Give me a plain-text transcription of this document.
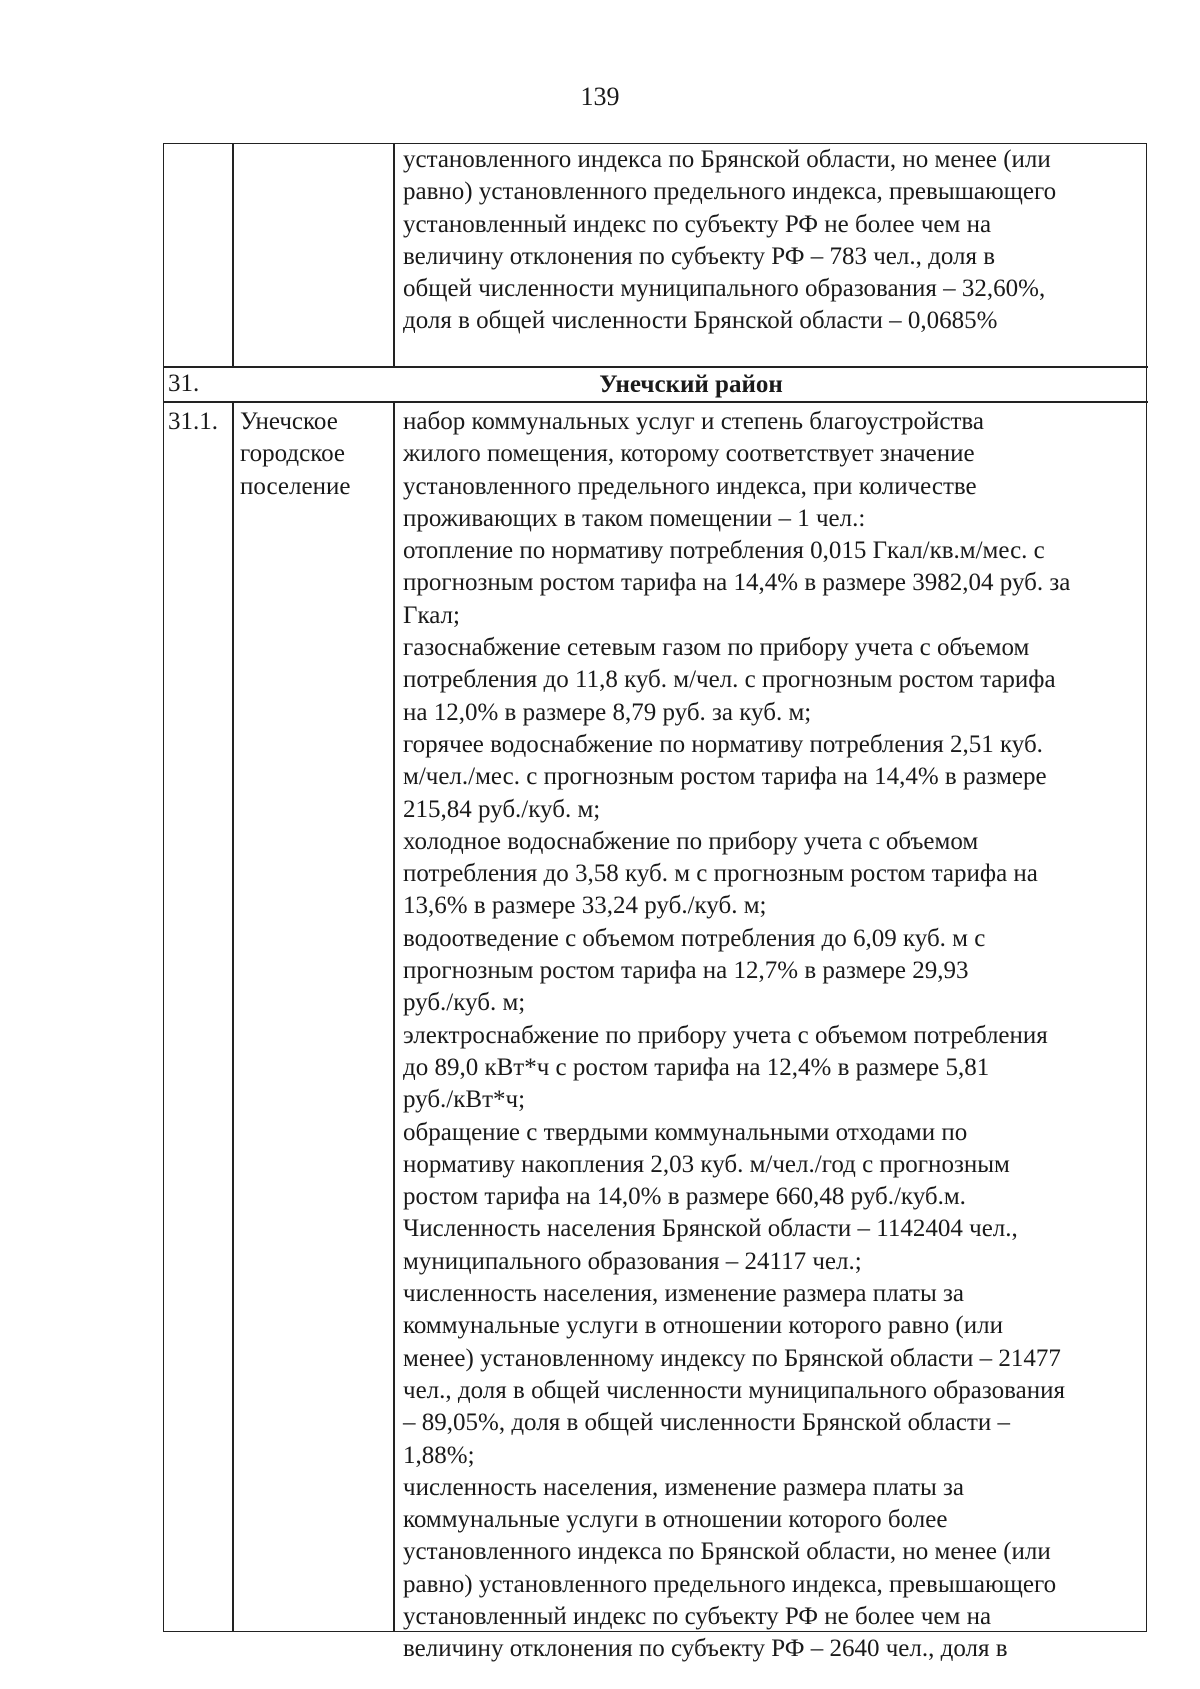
139
установленного индекса по Брянской области, но менее (или
равно) установленного предельного индекса, превышающего
установленный индекс по субъекту РФ не более чем на
величину отклонения по субъекту РФ – 783 чел., доля в
общей численности муниципального образования – 32,60%,
доля в общей численности Брянской области – 0,0685%
31.	Унечский район
31.1. Унечское
городское
поселение
набор коммунальных услуг и степень благоустройства
жилого помещения, которому соответствует значение
установленного предельного индекса, при количестве
проживающих в таком помещении – 1 чел.:
отопление по нормативу потребления 0,015 Гкал/кв.м/мес. с
прогнозным ростом тарифа на 14,4% в размере 3982,04 руб. за
Гкал;
газоснабжение сетевым газом по прибору учета с объемом
потребления до 11,8 куб. м/чел. с прогнозным ростом тарифа
на 12,0% в размере 8,79 руб. за куб. м;
горячее водоснабжение по нормативу потребления 2,51 куб.
м/чел./мес. с прогнозным ростом тарифа на 14,4% в размере
215,84 руб./куб. м;
холодное водоснабжение по прибору учета с объемом
потребления до 3,58 куб. м с прогнозным ростом тарифа на
13,6% в размере 33,24 руб./куб. м;
водоотведение с объемом потребления до 6,09 куб. м с
прогнозным ростом тарифа на 12,7% в размере 29,93
руб./куб. м;
электроснабжение по прибору учета с объемом потребления
до 89,0 кВт*ч с ростом тарифа на 12,4% в размере 5,81
руб./кВт*ч;
обращение с твердыми коммунальными отходами по
нормативу накопления 2,03 куб. м/чел./год с прогнозным
ростом тарифа на 14,0% в размере 660,48 руб./куб.м.
Численность населения Брянской области – 1142404 чел.,
муниципального образования – 24117 чел.;
численность населения, изменение размера платы за
коммунальные услуги в отношении которого равно (или
менее) установленному индексу по Брянской области – 21477
чел., доля в общей численности муниципального образования
– 89,05%, доля в общей численности Брянской области –
1,88%;
численность населения, изменение размера платы за
коммунальные услуги в отношении которого более
установленного индекса по Брянской области, но менее (или
равно) установленного предельного индекса, превышающего
установленный индекс по субъекту РФ не более чем на
величину отклонения по субъекту РФ – 2640 чел., доля в
